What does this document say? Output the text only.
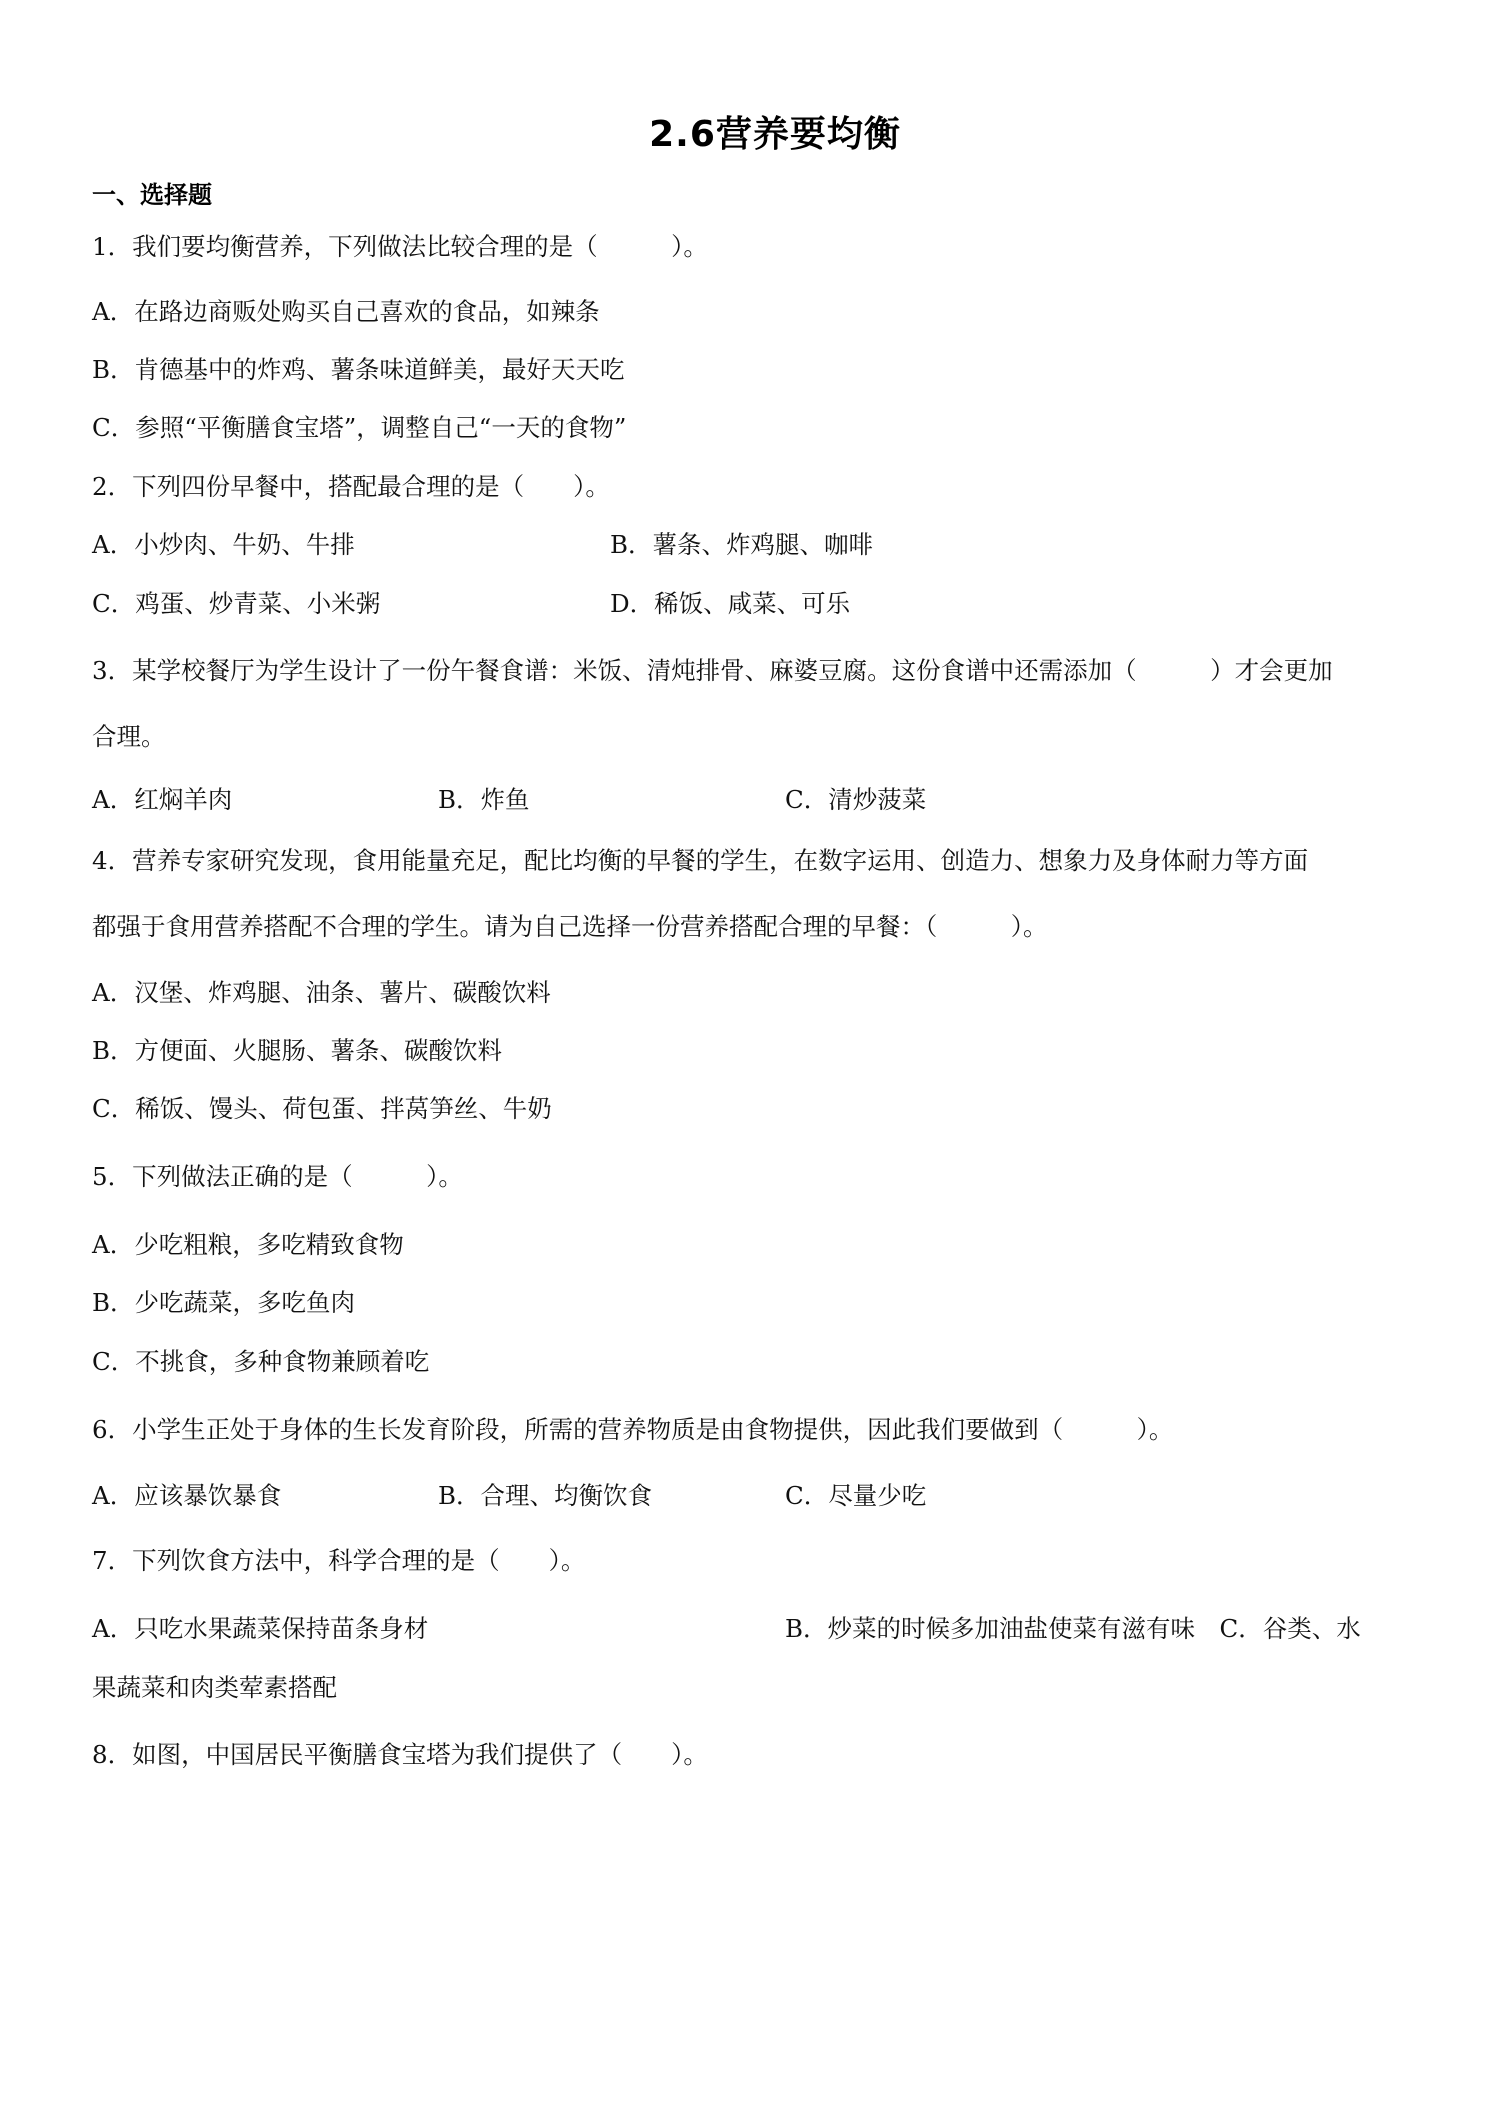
2.6营养要均衡
一、选择题
1．我们要均衡营养，下列做法比较合理的是（　　　）。
A．在路边商贩处购买自己喜欢的食品，如辣条
B．肯德基中的炸鸡、薯条味道鲜美，最好天天吃
C．参照“平衡膳食宝塔”，调整自己“一天的食物”
2．下列四份早餐中，搭配最合理的是（　　）。
A．小炒肉、牛奶、牛排	B．薯条、炸鸡腿、咖啡
C．鸡蛋、炒青菜、小米粥	D．稀饭、咸菜、可乐
3．某学校餐厅为学生设计了一份午餐食谱：米饭、清炖排骨、麻婆豆腐。这份食谱中还需添加（　　　）才会更加
合理。
A．红焖羊肉	B．炸鱼	C．清炒菠菜
4．营养专家研究发现，食用能量充足，配比均衡的早餐的学生，在数字运用、创造力、想象力及身体耐力等方面
都强于食用营养搭配不合理的学生。请为自己选择一份营养搭配合理的早餐：（　　　）。
A．汉堡、炸鸡腿、油条、薯片、碳酸饮料
B．方便面、火腿肠、薯条、碳酸饮料
C．稀饭、馒头、荷包蛋、拌莴笋丝、牛奶
5．下列做法正确的是（　　　）。
A．少吃粗粮，多吃精致食物
B．少吃蔬菜，多吃鱼肉
C．不挑食，多种食物兼顾着吃
6．小学生正处于身体的生长发育阶段，所需的营养物质是由食物提供，因此我们要做到（　　　）。
A．应该暴饮暴食	B．合理、均衡饮食	C．尽量少吃
7．下列饮食方法中，科学合理的是（　　）。
A．只吃水果蔬菜保持苗条身材	B．炒菜的时候多加油盐使菜有滋有味　C．谷类、水
果蔬菜和肉类荤素搭配
8．如图，中国居民平衡膳食宝塔为我们提供了（　　）。
